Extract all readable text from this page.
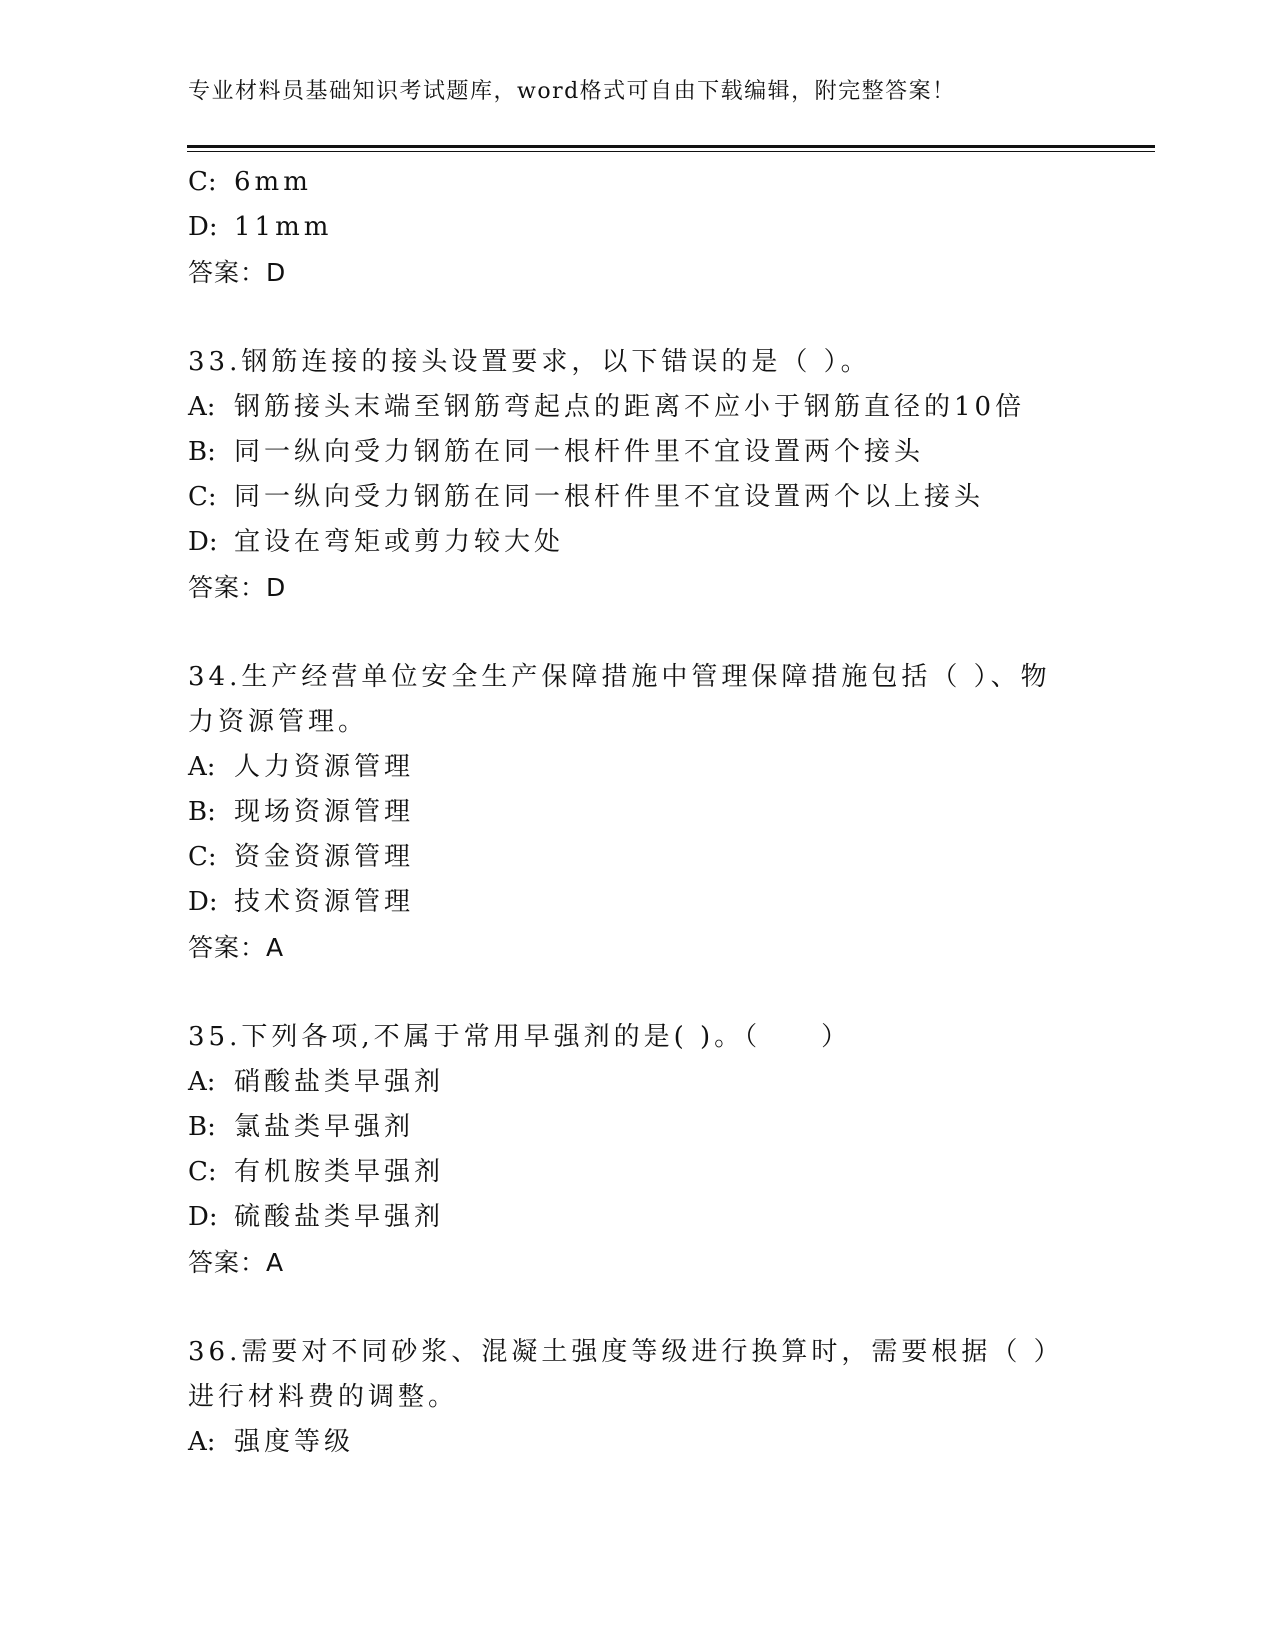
专业材料员基础知识考试题库，word格式可自由下载编辑，附完整答案！
C: 6mm
D: 11mm
答案：D
33.钢筋连接的接头设置要求，以下错误的是（ ）。
A: 钢筋接头末端至钢筋弯起点的距离不应小于钢筋直径的10倍
B: 同一纵向受力钢筋在同一根杆件里不宜设置两个接头
C: 同一纵向受力钢筋在同一根杆件里不宜设置两个以上接头
D: 宜设在弯矩或剪力较大处
答案：D
34.生产经营单位安全生产保障措施中管理保障措施包括（ ）、物力资源管理。
A: 人力资源管理
B: 现场资源管理
C: 资金资源管理
D: 技术资源管理
答案：A
35.下列各项,不属于常用早强剂的是( )。（　　）
A: 硝酸盐类早强剂
B: 氯盐类早强剂
C: 有机胺类早强剂
D: 硫酸盐类早强剂
答案：A
36.需要对不同砂浆、混凝土强度等级进行换算时，需要根据（ ）进行材料费的调整。
A: 强度等级
